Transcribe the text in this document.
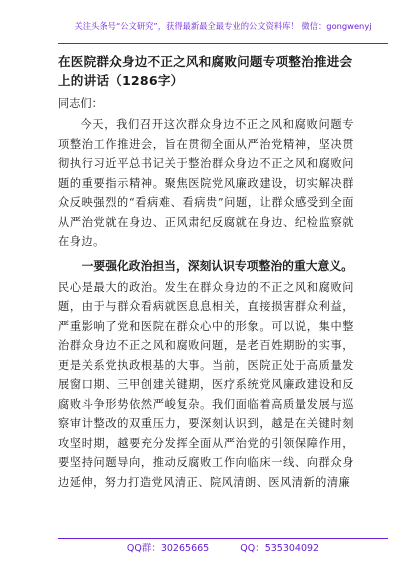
关注头条号“公文研究”，获得最新最全最专业的公文资料库！ 微信：gongwenyj

在医院群众身边不正之风和腐败问题专项整治推进会上的讲话（1286字）

同志们：

今天，我们召开这次群众身边不正之风和腐败问题专项整治工作推进会，旨在贯彻全面从严治党精神，坚决贯彻执行习近平总书记关于整治群众身边不正之风和腐败问题的重要指示精神。聚焦医院党风廉政建设，切实解决群众反映强烈的“看病难、看病贵”问题，让群众感受到全面从严治党就在身边、正风肃纪反腐就在身边、纪检监察就在身边。

一要强化政治担当，深刻认识专项整治的重大意义。

民心是最大的政治。发生在群众身边的不正之风和腐败问题，由于与群众看病就医息息相关，直接损害群众利益，严重影响了党和医院在群众心中的形象。可以说，集中整治群众身边不正之风和腐败问题，是老百姓期盼的实事，更是关系党执政根基的大事。当前，医院正处于高质量发展窗口期、三甲创建关键期，医疗系统党风廉政建设和反腐败斗争形势依然严峻复杂。我们面临着高质量发展与巡察审计整改的双重压力，要深刻认识到，越是在关键时刻攻坚时期，越要充分发挥全面从严治党的引领保障作用，要坚持问题导向，推动反腐败工作向临床一线、向群众身边延伸，努力打造党风清正、院风清朗、医风清新的清廉

QQ群：30265665	QQ：535304092
